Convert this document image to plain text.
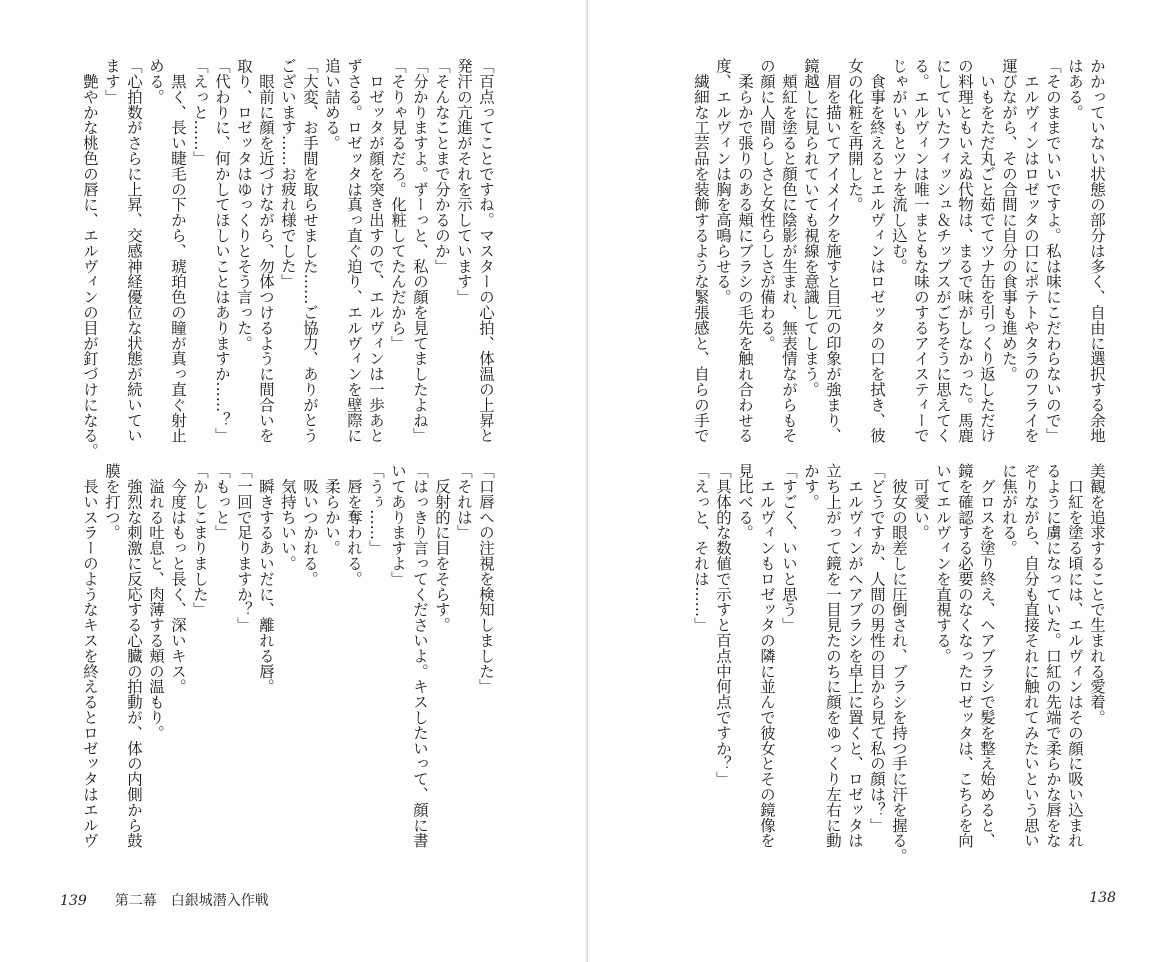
「百点ってことですね。マスターの心拍、体温の上昇と
発汗の亢進がそれを示しています」
「そんなことまで分かるのか」
「分かりますよ。ずーっと、私の顔を見てましたよね」
「そりゃ見るだろ。化粧してたんだから」
　ロゼッタが顔を突き出すので、エルヴィンは一歩あと
ずさる。ロゼッタは真っ直ぐ迫り、エルヴィンを壁際に
追い詰める。
「大変、お手間を取らせました……ご協力、ありがとう
ございます……お疲れ様でした」
　眼前に顔を近づけながら、勿体つけるように間合いを
取り、ロゼッタはゆっくりとそう言った。
「代わりに、何かしてほしいことはありますか……？」
「えっと……」
　黒く、長い睫毛の下から、琥珀色の瞳が真っ直ぐ射止
める。
「心拍数がさらに上昇、交感神経優位な状態が続いてい
ます」
　艶やかな桃色の唇に、エルヴィンの目が釘づけになる。
「口唇への注視を検知しました」
「それは」
　反射的に目をそらす。
「はっきり言ってくださいよ。キスしたいって、顔に書
いてありますよ」
「うぅ……」
　唇を奪われる。
　柔らかい。
　吸いつかれる。
　気持ちいい。
　瞬きするあいだに、離れる唇。
「一回で足りますか？」
「もっと」
「かしこまりました」
　今度はもっと長く、深いキス。
　溢れる吐息と、肉薄する頬の温もり。
　強烈な刺激に反応する心臓の拍動が、体の内側から鼓
膜を打つ。
　長いスラーのようなキスを終えるとロゼッタはエルヴ
139 第二幕　白銀城潜入作戦
かかっていない状態の部分は多く、自由に選択する余地
はある。
「そのままでいいですよ。私は味にこだわらないので」
　エルヴィンはロゼッタの口にポテトやタラのフライを
運びながら、その合間に自分の食事も進めた。
　いもをただ丸ごと茹でてツナ缶を引っくり返しただけ
の料理ともいえぬ代物は、まるで味がしなかった。馬鹿
にしていたフィッシュ＆チップスがごちそうに思えてく
る。エルヴィンは唯一まともな味のするアイスティーで
じゃがいもとツナを流し込む。
　食事を終えるとエルヴィンはロゼッタの口を拭き、彼
女の化粧を再開した。
　眉を描いてアイメイクを施すと目元の印象が強まり、
鏡越しに見られていても視線を意識してしまう。
　頬紅を塗ると顔色に陰影が生まれ、無表情ながらもそ
の顔に人間らしさと女性らしさが備わる。
　柔らかで張りのある頬にブラシの毛先を触れ合わせる
度、エルヴィンは胸を高鳴らせる。
　繊細な工芸品を装飾するような緊張感と、自らの手で
美観を追求することで生まれる愛着。
　口紅を塗る頃には、エルヴィンはその顔に吸い込まれ
るように虜になっていた。口紅の先端で柔らかな唇をな
ぞりながら、自分も直接それに触れてみたいという思い
に焦がれる。
　グロスを塗り終え、ヘアブラシで髪を整え始めると、
鏡を確認する必要のなくなったロゼッタは、こちらを向
いてエルヴィンを直視する。
　可愛い。
　彼女の眼差しに圧倒され、ブラシを持つ手に汗を握る。
「どうですか、人間の男性の目から見て私の顔は？」
　エルヴィンがヘアブラシを卓上に置くと、ロゼッタは
立ち上がって鏡を一目見たのちに顔をゆっくり左右に動
かす。
「すごく、いいと思う」
　エルヴィンもロゼッタの隣に並んで彼女とその鏡像を
見比べる。
「具体的な数値で示すと百点中何点ですか？」
「えっと、それは……」
138
